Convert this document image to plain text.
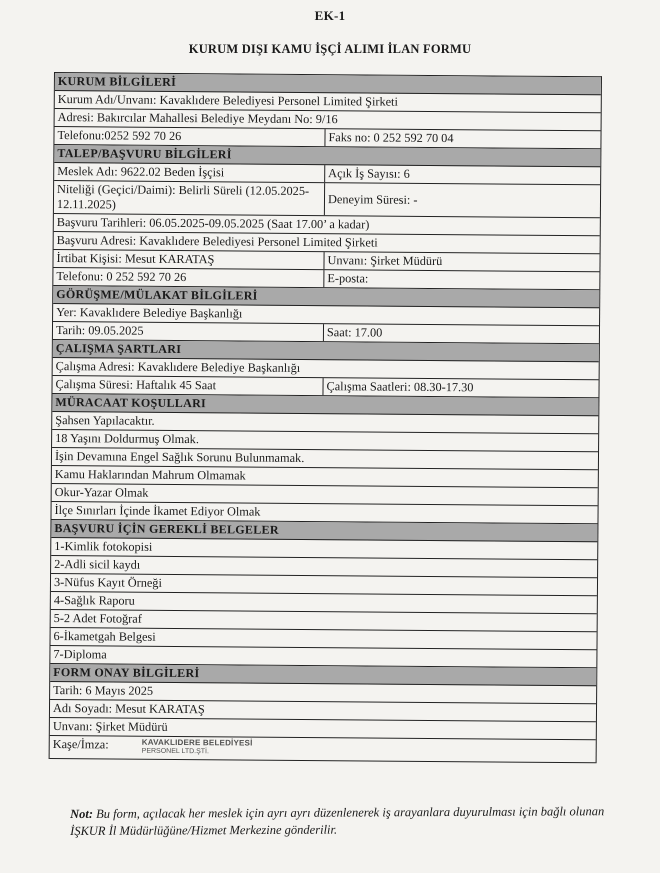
EK-1
KURUM DIŞI KAMU İŞÇİ ALIMI İLAN FORMU
KURUM BİLGİLERİ
Kurum Adı/Unvanı: Kavaklıdere Belediyesi Personel Limited Şirketi
Adresi: Bakırcılar Mahallesi Belediye Meydanı No: 9/16
Telefonu:0252 592 70 26	Faks no: 0 252 592 70 04
TALEP/BAŞVURU BİLGİLERİ
Meslek Adı: 9622.02 Beden İşçisi	Açık İş Sayısı: 6
Niteliği (Geçici/Daimi): Belirli Süreli (12.05.2025-12.11.2025)	Deneyim Süresi: -
Başvuru Tarihleri: 06.05.2025-09.05.2025 (Saat 17.00’ a kadar)
Başvuru Adresi: Kavaklıdere Belediyesi Personel Limited Şirketi
İrtibat Kişisi: Mesut KARATAŞ	Unvanı: Şirket Müdürü
Telefonu: 0 252 592 70 26	E-posta:
GÖRÜŞME/MÜLAKAT BİLGİLERİ
Yer: Kavaklıdere Belediye Başkanlığı
Tarih: 09.05.2025	Saat: 17.00
ÇALIŞMA ŞARTLARI
Çalışma Adresi: Kavaklıdere Belediye Başkanlığı
Çalışma Süresi: Haftalık 45 Saat	Çalışma Saatleri: 08.30-17.30
MÜRACAAT KOŞULLARI
Şahsen Yapılacaktır.
18 Yaşını Doldurmuş Olmak.
İşin Devamına Engel Sağlık Sorunu Bulunmamak.
Kamu Haklarından Mahrum Olmamak
Okur-Yazar Olmak
İlçe Sınırları İçinde İkamet Ediyor Olmak
BAŞVURU İÇİN GEREKLİ BELGELER
1-Kimlik fotokopisi
2-Adli sicil kaydı
3-Nüfus Kayıt Örneği
4-Sağlık Raporu
5-2 Adet Fotoğraf
6-İkametgah Belgesi
7-Diploma
FORM ONAY BİLGİLERİ
Tarih: 6 Mayıs 2025
Adı Soyadı: Mesut KARATAŞ
Unvanı: Şirket Müdürü
Kaşe/İmza:	KAVAKLIDERE BELEDİYESİ
PERSONEL LTD.ŞTİ.
Not: Bu form, açılacak her meslek için ayrı ayrı düzenlenerek iş arayanlara duyurulması için bağlı olunan İŞKUR İl Müdürlüğüne/Hizmet Merkezine gönderilir.
